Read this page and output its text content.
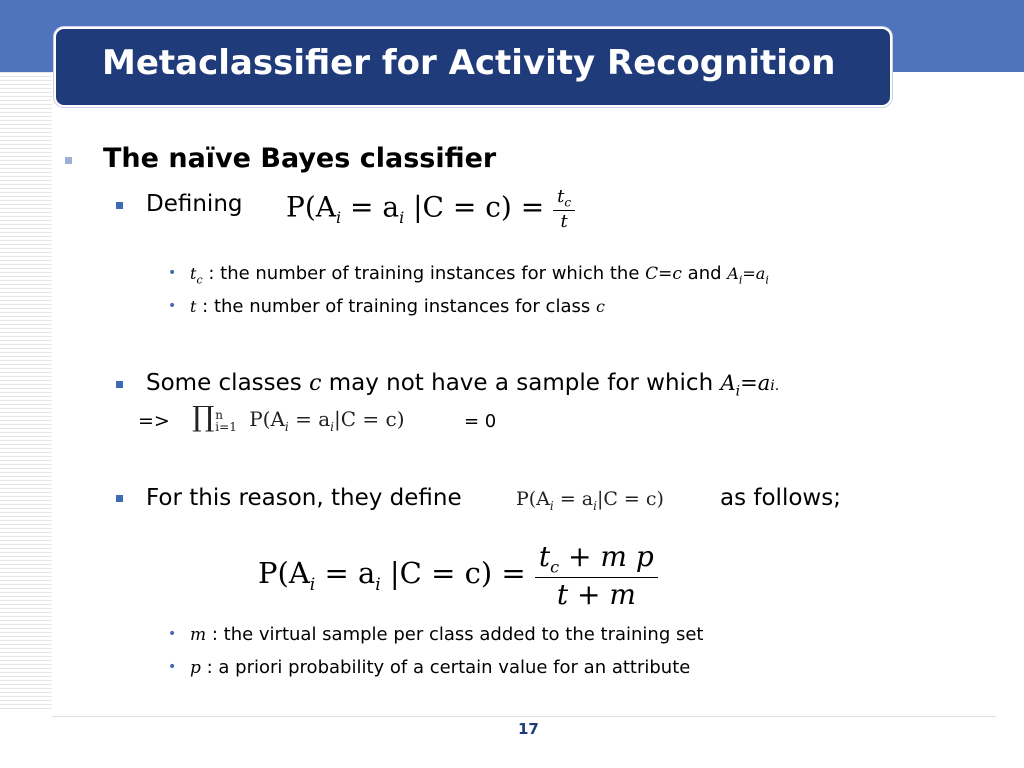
Metaclassifier for Activity Recognition
The naïve Bayes classifier
Defining $P(A_i = a_i$ $|C = c) = \frac{t_c}{t}$
• $t_c$ : the number of training instances for which the C=c and $A_i=a_i$
• t : the number of training instances for class c
Some classes c may not have a sample for which $A_i=ai$.
=> ∏ n
i=1 $P(A_i = a_i|C = c)$	= 0
For this reason, they define	$P(A_i = a_i|C = c)$ as follows;
$P(A_i = a_i$ $|C = c) = \frac{t_c + m p}{t + m}$
• m : the virtual sample per class added to the training set
• p : a priori probability of a certain value for an attribute
17
